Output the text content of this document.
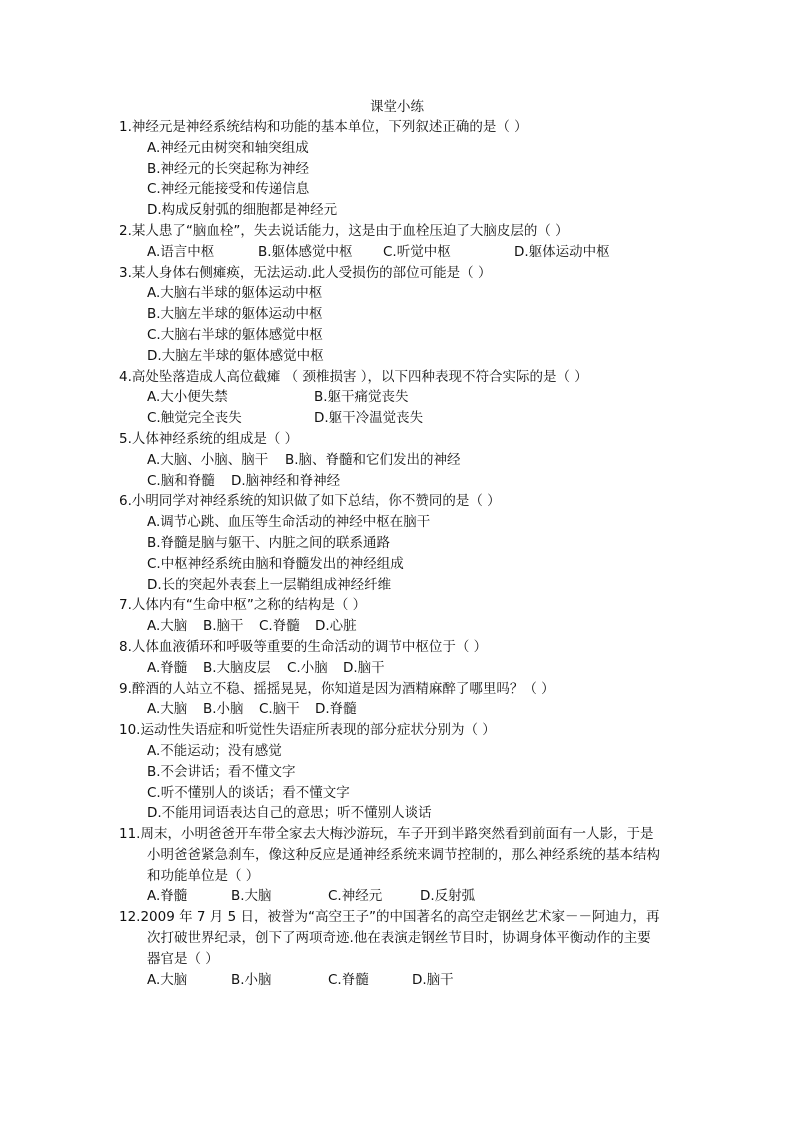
课堂小练
1.神经元是神经系统结构和功能的基本单位，下列叙述正确的是（ ）
A.神经元由树突和轴突组成
B.神经元的长突起称为神经
C.神经元能接受和传递信息
D.构成反射弧的细胞都是神经元
2.某人患了“脑血栓”，失去说话能力，这是由于血栓压迫了大脑皮层的（ ）
A.语言中枢	B.躯体感觉中枢	C.听觉中枢	D.躯体运动中枢
3.某人身体右侧瘫痪，无法运动.此人受损伤的部位可能是（ ）
A.大脑右半球的躯体运动中枢
B.大脑左半球的躯体运动中枢
C.大脑右半球的躯体感觉中枢
D.大脑左半球的躯体感觉中枢
4.高处坠落造成人高位截瘫 （ 颈椎损害 ），以下四种表现不符合实际的是（ ）
A.大小便失禁	B.躯干痛觉丧失
C.触觉完全丧失	D.躯干冷温觉丧失
5.人体神经系统的组成是（ ）
A.大脑、小脑、脑干	B.脑、脊髓和它们发出的神经
C.脑和脊髓	D.脑神经和脊神经
6.小明同学对神经系统的知识做了如下总结，你不赞同的是（ ）
A.调节心跳、血压等生命活动的神经中枢在脑干
B.脊髓是脑与躯干、内脏之间的联系通路
C.中枢神经系统由脑和脊髓发出的神经组成
D.长的突起外表套上一层鞘组成神经纤维
7.人体内有“生命中枢”之称的结构是（ ）
A.大脑	B.脑干	C.脊髓	D.心脏
8.人体血液循环和呼吸等重要的生命活动的调节中枢位于（ ）
A.脊髓	B.大脑皮层	C.小脑	D.脑干
9.醉酒的人站立不稳、摇摇晃晃，你知道是因为酒精麻醉了哪里吗？（ ）
A.大脑	B.小脑	C.脑干	D.脊髓
10.运动性失语症和听觉性失语症所表现的部分症状分别为（ ）
A.不能运动；没有感觉
B.不会讲话；看不懂文字
C.听不懂别人的谈话；看不懂文字
D.不能用词语表达自己的意思；听不懂别人谈话
11.周末，小明爸爸开车带全家去大梅沙游玩，车子开到半路突然看到前面有一人影，于是
小明爸爸紧急刹车，像这种反应是通神经系统来调节控制的，那么神经系统的基本结构
和功能单位是（ ）
A.脊髓	B.大脑	C.神经元	D.反射弧
12.2009 年 7 月 5 日，被誉为“高空王子”的中国著名的高空走钢丝艺术家－－阿迪力，再
次打破世界纪录，创下了两项奇迹.他在表演走钢丝节目时，协调身体平衡动作的主要
器官是（ ）
A.大脑	B.小脑	C.脊髓	D.脑干
